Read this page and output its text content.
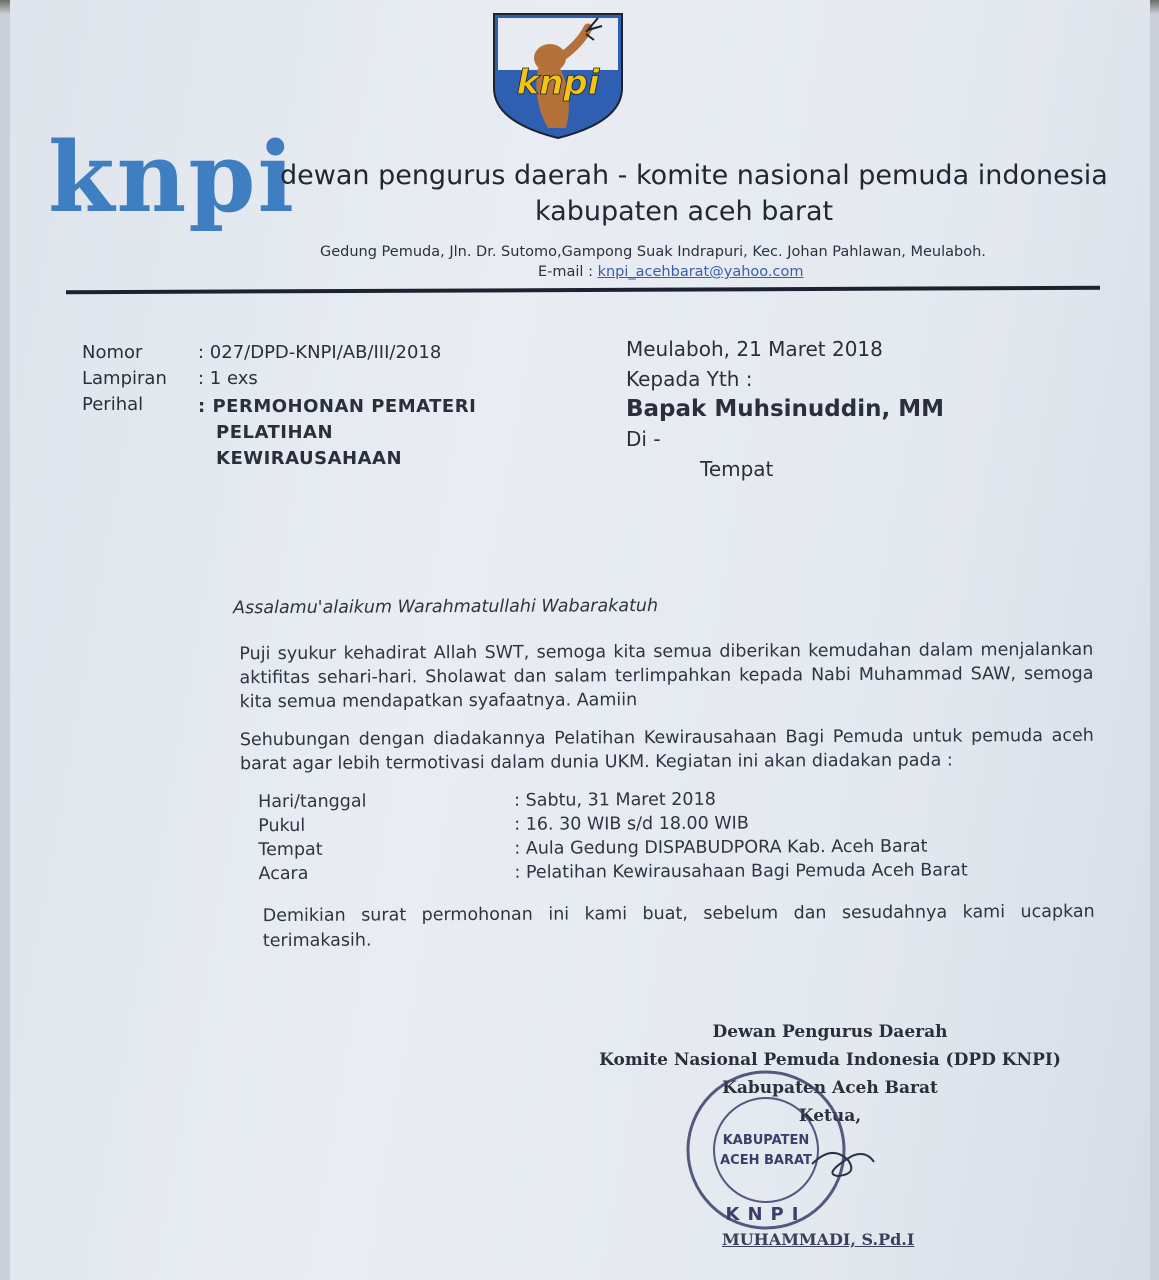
knpi
knpi
dewan pengurus daerah - komite nasional pemuda indonesia
kabupaten aceh barat
Gedung Pemuda, Jln. Dr. Sutomo,Gampong Suak Indrapuri, Kec. Johan Pahlawan, Meulaboh.
E-mail : knpi_acehbarat@yahoo.com
Nomor	: 027/DPD-KNPI/AB/III/2018
Lampiran	: 1 exs
Perihal	: PERMOHONAN PEMATERI
PELATIHAN
KEWIRAUSAHAAN
Meulaboh, 21 Maret 2018
Kepada Yth :
Bapak Muhsinuddin, MM
Di -
Tempat
Assalamu'alaikum Warahmatullahi Wabarakatuh
Puji syukur kehadirat Allah SWT, semoga kita semua diberikan kemudahan dalam menjalankan aktifitas sehari-hari. Sholawat dan salam terlimpahkan kepada Nabi Muhammad SAW, semoga kita semua mendapatkan syafaatnya. Aamiin
Sehubungan dengan diadakannya Pelatihan Kewirausahaan Bagi Pemuda untuk pemuda aceh barat agar lebih termotivasi dalam dunia UKM. Kegiatan ini akan diadakan pada :
Hari/tanggal	: Sabtu, 31 Maret 2018
Pukul	: 16. 30 WIB s/d 18.00 WIB
Tempat	: Aula Gedung DISPABUDPORA Kab. Aceh Barat
Acara	: Pelatihan Kewirausahaan Bagi Pemuda Aceh Barat
Demikian surat permohonan ini kami buat, sebelum dan sesudahnya kami ucapkan terimakasih.
Dewan Pengurus Daerah
Komite Nasional Pemuda Indonesia (DPD KNPI)
Kabupaten Aceh Barat
Ketua,
KABUPATEN
ACEH BARAT
KNPI
MUHAMMADI, S.Pd.I
